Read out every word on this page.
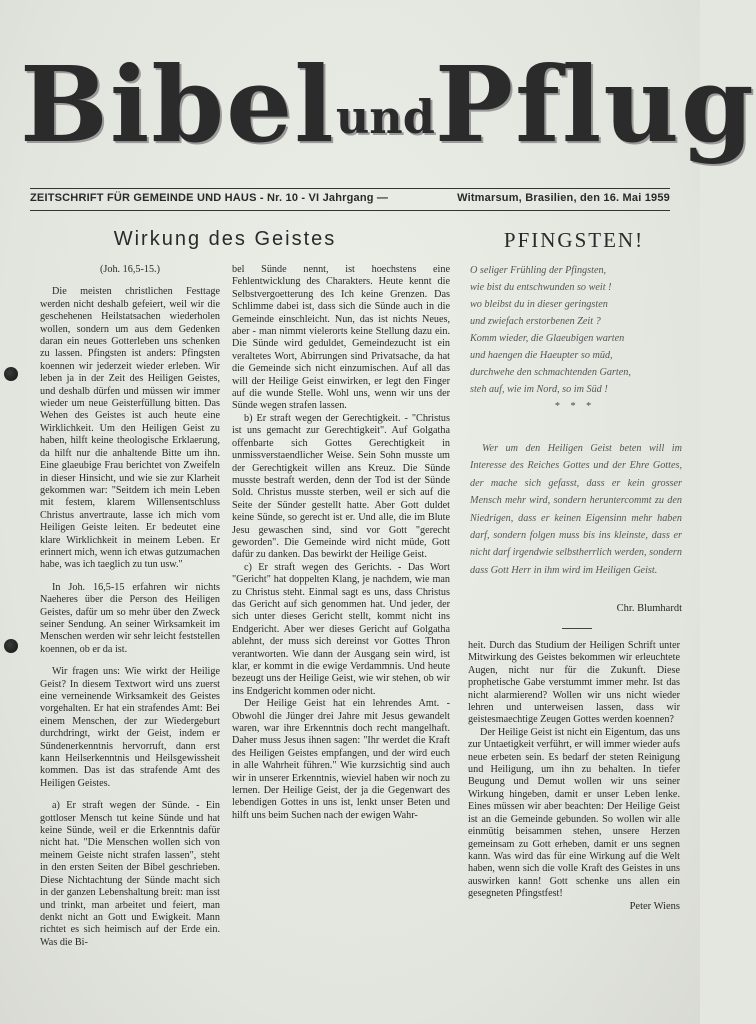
BibelundPflug
ZEITSCHRIFT FÜR GEMEINDE UND HAUS - Nr. 10 - VI Jahrgang —	Witmarsum, Brasilien, den 16. Mai 1959
Wirkung des Geistes

(Joh. 16,5-15.)

Die meisten christlichen Festtage werden nicht deshalb gefeiert, weil wir die geschehenen Heilstatsachen wiederholen wollen, sondern um aus dem Gedenken daran ein neues Gotterleben uns schenken zu lassen. Pfingsten ist anders: Pfingsten koennen wir jederzeit wieder erleben. Wir leben ja in der Zeit des Heiligen Geistes, und deshalb dürfen und müssen wir immer wieder um neue Geisterfüllung bitten. Das Wehen des Geistes ist auch heute eine Wirklichkeit. Um den Heiligen Geist zu haben, hilft keine theologische Erklaerung, da hilft nur die anhaltende Bitte um ihn. Eine glaeubige Frau berichtet von Zweifeln in dieser Hinsicht, und wie sie zur Klarheit gekommen war: "Seitdem ich mein Leben mit festem, klarem Willensentschluss Christus anvertraute, lasse ich mich vom Heiligen Geiste leiten. Er bedeutet eine klare Wirklichkeit in meinem Leben. Er erinnert mich, wenn ich etwas gutzumachen habe, was ich taeglich zu tun usw."

In Joh. 16,5-15 erfahren wir nichts Naeheres über die Person des Heiligen Geistes, dafür um so mehr über den Zweck seiner Sendung. An seiner Wirksamkeit im Menschen werden wir sehr leicht feststellen koennen, ob er da ist.

Wir fragen uns: Wie wirkt der Heilige Geist? In diesem Textwort wird uns zuerst eine verneinende Wirksamkeit des Geistes vorgehalten. Er hat ein strafendes Amt: Bei einem Menschen, der zur Wiedergeburt durchdringt, wirkt der Geist, indem er Sündenerkenntnis hervorruft, dann erst kann Heilserkenntnis und Heilsgewissheit kommen. Das ist das strafende Amt des Heiligen Geistes.

a) Er straft wegen der Sünde. - Ein gottloser Mensch tut keine Sünde und hat keine Sünde, weil er die Erkenntnis dafür nicht hat. "Die Menschen wollen sich von meinem Geiste nicht strafen lassen", steht in den ersten Seiten der Bibel geschrieben. Diese Nichtachtung der Sünde macht sich in der ganzen Lebenshaltung breit: man isst und trinkt, man arbeitet und feiert, man denkt nicht an Gott und Ewigkeit. Mann richtet es sich heimisch auf der Erde ein. Was die Bi-

bel Sünde nennt, ist hoechstens eine Fehlentwicklung des Charakters. Heute kennt die Selbstvergoetterung des Ich keine Grenzen. Das Schlimme dabei ist, dass sich die Sünde auch in die Gemeinde einschleicht. Nun, das ist nichts Neues, aber - man nimmt vielerorts keine Stellung dazu ein. Die Sünde wird geduldet, Gemeindezucht ist ein veraltetes Wort, Abirrungen sind Privatsache, da hat die Gemeinde sich nicht einzumischen. Auf all das will der Heilige Geist einwirken, er legt den Finger auf die wunde Stelle. Wohl uns, wenn wir uns der Sünde wegen strafen lassen.

b) Er straft wegen der Gerechtigkeit. - "Christus ist uns gemacht zur Gerechtigkeit". Auf Golgatha offenbarte sich Gottes Gerechtigkeit in unmissverstaendlicher Weise. Sein Sohn musste um der Gerechtigkeit willen ans Kreuz. Die Sünde musste bestraft werden, denn der Tod ist der Sünde Sold. Christus musste sterben, weil er sich auf die Seite der Sünder gestellt hatte. Aber Gott duldet keine Sünde, so gerecht ist er. Und alle, die im Blute Jesu gewaschen sind, sind vor Gott "gerecht geworden". Die Gemeinde wird nicht müde, Gott dafür zu danken. Das bewirkt der Heilige Geist.

c) Er straft wegen des Gerichts. - Das Wort "Gericht" hat doppelten Klang, je nachdem, wie man zu Christus steht. Einmal sagt es uns, dass Christus das Gericht auf sich genommen hat. Und jeder, der sich unter dieses Gericht stellt, kommt nicht ins Endgericht. Aber wer dieses Gericht auf Golgatha ablehnt, der muss sich dereinst vor Gottes Thron verantworten. Wie dann der Ausgang sein wird, ist klar, er kommt in die ewige Verdammnis. Und heute bezeugt uns der Heilige Geist, wie wir stehen, ob wir ins Endgericht kommen oder nicht.

Der Heilige Geist hat ein lehrendes Amt. - Obwohl die Jünger drei Jahre mit Jesus gewandelt waren, war ihre Erkenntnis doch recht mangelhaft. Daher muss Jesus ihnen sagen: "Ihr werdet die Kraft des Heiligen Geistes empfangen, und der wird euch in alle Wahrheit führen." Wie kurzsichtig sind auch wir in unserer Erkenntnis, wieviel haben wir noch zu lernen. Der Heilige Geist, der ja die Gegenwart des lebendigen Gottes in uns ist, lenkt unser Beten und hilft uns beim Suchen nach der ewigen Wahr-

PFINGSTEN!
O seliger Frühling der Pfingsten,
wie bist du entschwunden so weit !
wo bleibst du in dieser geringsten
und zwiefach erstorbenen Zeit ?
Komm wieder, die Glaeubigen warten
und haengen die Haeupter so müd,
durchwehe den schmachtenden Garten,
steh auf, wie im Nord, so im Süd !
* * *

Wer um den Heiligen Geist beten will im Interesse des Reiches Gottes und der Ehre Gottes, der mache sich gefasst, dass er kein grosser Mensch mehr wird, sondern heruntercommt zu den Niedrigen, dass er keinen Eigensinn mehr haben darf, sondern folgen muss bis ins kleinste, dass er nicht darf irgendwie selbstherrlich werden, sondern dass Gott Herr in ihm wird im Heiligen Geist.

Chr. Blumhardt

heit. Durch das Studium der Heiligen Schrift unter Mitwirkung des Geistes bekommen wir erleuchtete Augen, nicht nur für die Zukunft. Diese prophetische Gabe verstummt immer mehr. Ist das nicht alarmierend? Wollen wir uns nicht wieder lehren und unterweisen lassen, dass wir geistesmaechtige Zeugen Gottes werden koennen?

Der Heilige Geist ist nicht ein Eigentum, das uns zur Untaetigkeit verführt, er will immer wieder aufs neue erbeten sein. Es bedarf der steten Reinigung und Heiligung, um ihn zu behalten. In tiefer Beugung und Demut wollen wir uns seiner Wirkung hingeben, damit er unser Leben lenke. Eines müssen wir aber beachten: Der Heilige Geist ist an die Gemeinde gebunden. So wollen wir alle einmütig beisammen stehen, unsere Herzen gemeinsam zu Gott erheben, damit er uns segnen kann. Was wird das für eine Wirkung auf die Welt haben, wenn sich die volle Kraft des Geistes in uns auswirken kann! Gott schenke uns allen ein gesegneten Pfingstfest!

Peter Wiens
